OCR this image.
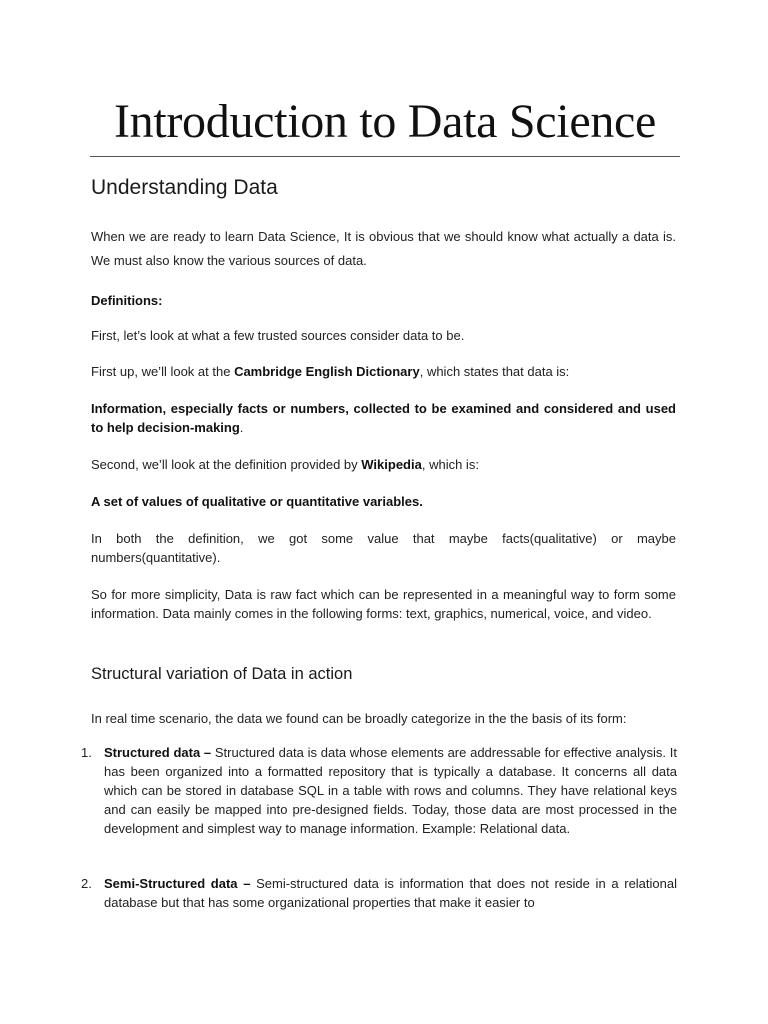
Introduction to Data Science
Understanding Data

When we are ready to learn Data Science, It is obvious that we should know what actually a data is. We must also know the various sources of data.

Definitions:

First, let’s look at what a few trusted sources consider data to be.

First up, we’ll look at the Cambridge English Dictionary, which states that data is:

Information, especially facts or numbers, collected to be examined and considered and used to help decision-making.

Second, we’ll look at the definition provided by Wikipedia, which is:

A set of values of qualitative or quantitative variables.

In both the definition, we got some value that maybe facts(qualitative) or maybe numbers(quantitative).

So for more simplicity, Data is raw fact which can be represented in a meaningful way to form some information. Data mainly comes in the following forms: text, graphics, numerical, voice, and video.

Structural variation of Data in action

In real time scenario, the data we found can be broadly categorize in the the basis of its form:

1. Structured data – Structured data is data whose elements are addressable for effective analysis. It has been organized into a formatted repository that is typically a database. It concerns all data which can be stored in database SQL in a table with rows and columns. They have relational keys and can easily be mapped into pre-designed fields. Today, those data are most processed in the development and simplest way to manage information. Example: Relational data.

2. Semi-Structured data – Semi-structured data is information that does not reside in a relational database but that has some organizational properties that make it easier to
